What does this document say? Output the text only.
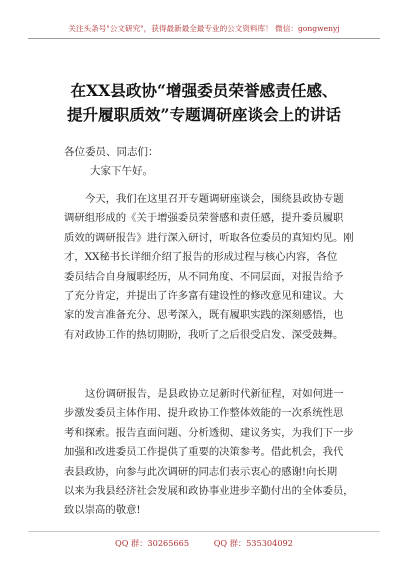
关注头条号"公文研究"，获得最新最全最专业的公文资料库！ 微信：gongwenyj
在XX县政协“增强委员荣誉感责任感、
提升履职质效”专题调研座谈会上的讲话
各位委员、同志们：
大家下午好。
今天，我们在这里召开专题调研座谈会，围绕县政协专题
调研组形成的《关于增强委员荣誉感和责任感，提升委员履职
质效的调研报告》进行深入研讨，听取各位委员的真知灼见。刚
才，XX秘书长详细介绍了报告的形成过程与核心内容，各位
委员结合自身履职经历，从不同角度、不同层面，对报告给予
了充分肯定，并提出了许多富有建设性的修改意见和建议。大
家的发言准备充分、思考深入，既有履职实践的深刻感悟，也
有对政协工作的热切期盼，我听了之后很受启发、深受鼓舞。
这份调研报告，是县政协立足新时代新征程，对如何进一
步激发委员主体作用、提升政协工作整体效能的一次系统性思
考和探索。报告直面问题、分析透彻、建议务实，为我们下一步
加强和改进委员工作提供了重要的决策参考。借此机会，我代
表县政协，向参与此次调研的同志们表示衷心的感谢!向长期
以来为我县经济社会发展和政协事业进步辛勤付出的全体委员，
致以崇高的敬意!
QQ 群：30265665	QQ 群：535304092
